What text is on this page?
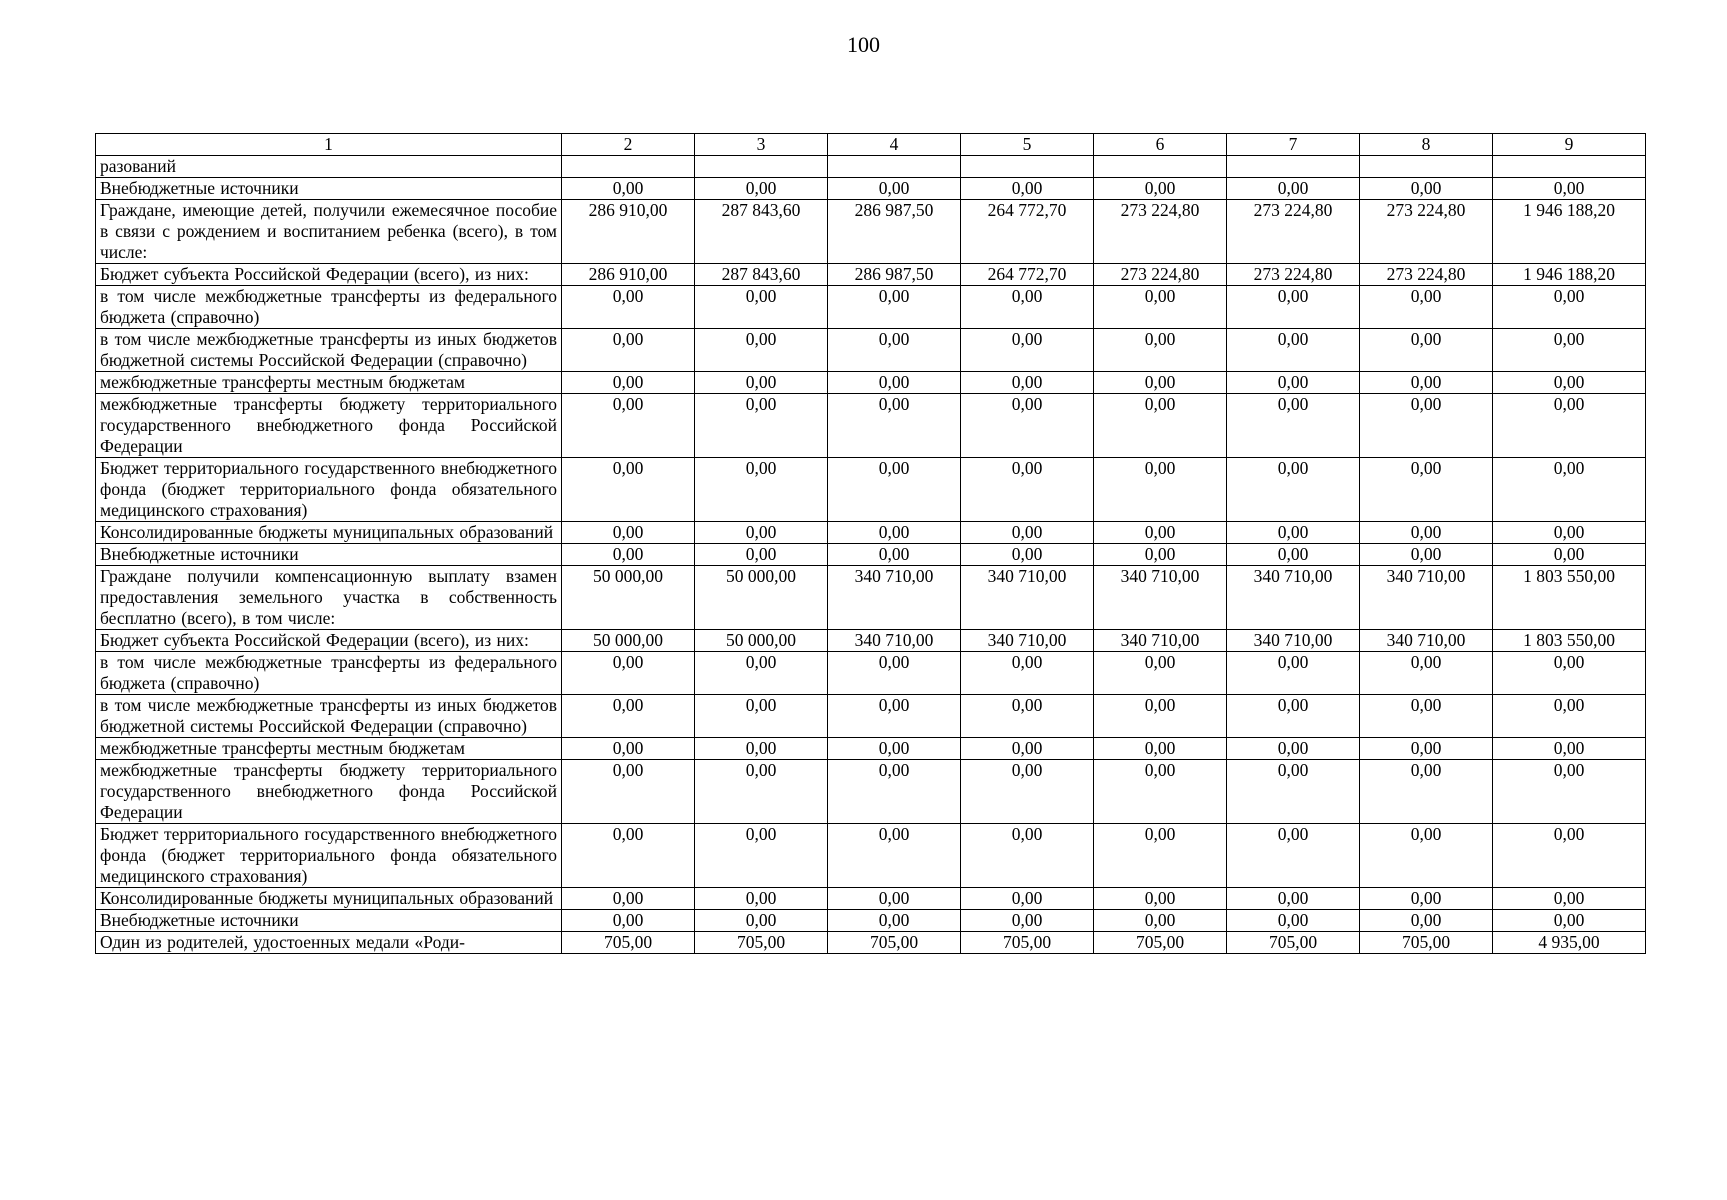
100
1	2	3	4	5	6	7	8	9
разований								
Внебюджетные источники	0,00	0,00	0,00	0,00	0,00	0,00	0,00	0,00
Граждане, имеющие детей, получили ежемесячное пособие в связи с рождением и воспитанием ребенка (всего), в том числе:	286 910,00	287 843,60	286 987,50	264 772,70	273 224,80	273 224,80	273 224,80	1 946 188,20
Бюджет субъекта Российской Федерации (всего), из них:	286 910,00	287 843,60	286 987,50	264 772,70	273 224,80	273 224,80	273 224,80	1 946 188,20
в том числе межбюджетные трансферты из федерального бюджета (справочно)	0,00	0,00	0,00	0,00	0,00	0,00	0,00	0,00
в том числе межбюджетные трансферты из иных бюджетов бюджетной системы Российской Федерации (справочно)	0,00	0,00	0,00	0,00	0,00	0,00	0,00	0,00
межбюджетные трансферты местным бюджетам	0,00	0,00	0,00	0,00	0,00	0,00	0,00	0,00
межбюджетные трансферты бюджету территориального государственного внебюджетного фонда Российской Федерации	0,00	0,00	0,00	0,00	0,00	0,00	0,00	0,00
Бюджет территориального государственного внебюджетного фонда (бюджет территориального фонда обязательного медицинского страхования)	0,00	0,00	0,00	0,00	0,00	0,00	0,00	0,00
Консолидированные бюджеты муниципальных образований	0,00	0,00	0,00	0,00	0,00	0,00	0,00	0,00
Внебюджетные источники	0,00	0,00	0,00	0,00	0,00	0,00	0,00	0,00
Граждане получили компенсационную выплату взамен предоставления земельного участка в собственность бесплатно (всего), в том числе:	50 000,00	50 000,00	340 710,00	340 710,00	340 710,00	340 710,00	340 710,00	1 803 550,00
Бюджет субъекта Российской Федерации (всего), из них:	50 000,00	50 000,00	340 710,00	340 710,00	340 710,00	340 710,00	340 710,00	1 803 550,00
в том числе межбюджетные трансферты из федерального бюджета (справочно)	0,00	0,00	0,00	0,00	0,00	0,00	0,00	0,00
в том числе межбюджетные трансферты из иных бюджетов бюджетной системы Российской Федерации (справочно)	0,00	0,00	0,00	0,00	0,00	0,00	0,00	0,00
межбюджетные трансферты местным бюджетам	0,00	0,00	0,00	0,00	0,00	0,00	0,00	0,00
межбюджетные трансферты бюджету территориального государственного внебюджетного фонда Российской Федерации	0,00	0,00	0,00	0,00	0,00	0,00	0,00	0,00
Бюджет территориального государственного внебюджетного фонда (бюджет территориального фонда обязательного медицинского страхования)	0,00	0,00	0,00	0,00	0,00	0,00	0,00	0,00
Консолидированные бюджеты муниципальных образований	0,00	0,00	0,00	0,00	0,00	0,00	0,00	0,00
Внебюджетные источники	0,00	0,00	0,00	0,00	0,00	0,00	0,00	0,00
Один из родителей, удостоенных медали «Роди-	705,00	705,00	705,00	705,00	705,00	705,00	705,00	4 935,00
